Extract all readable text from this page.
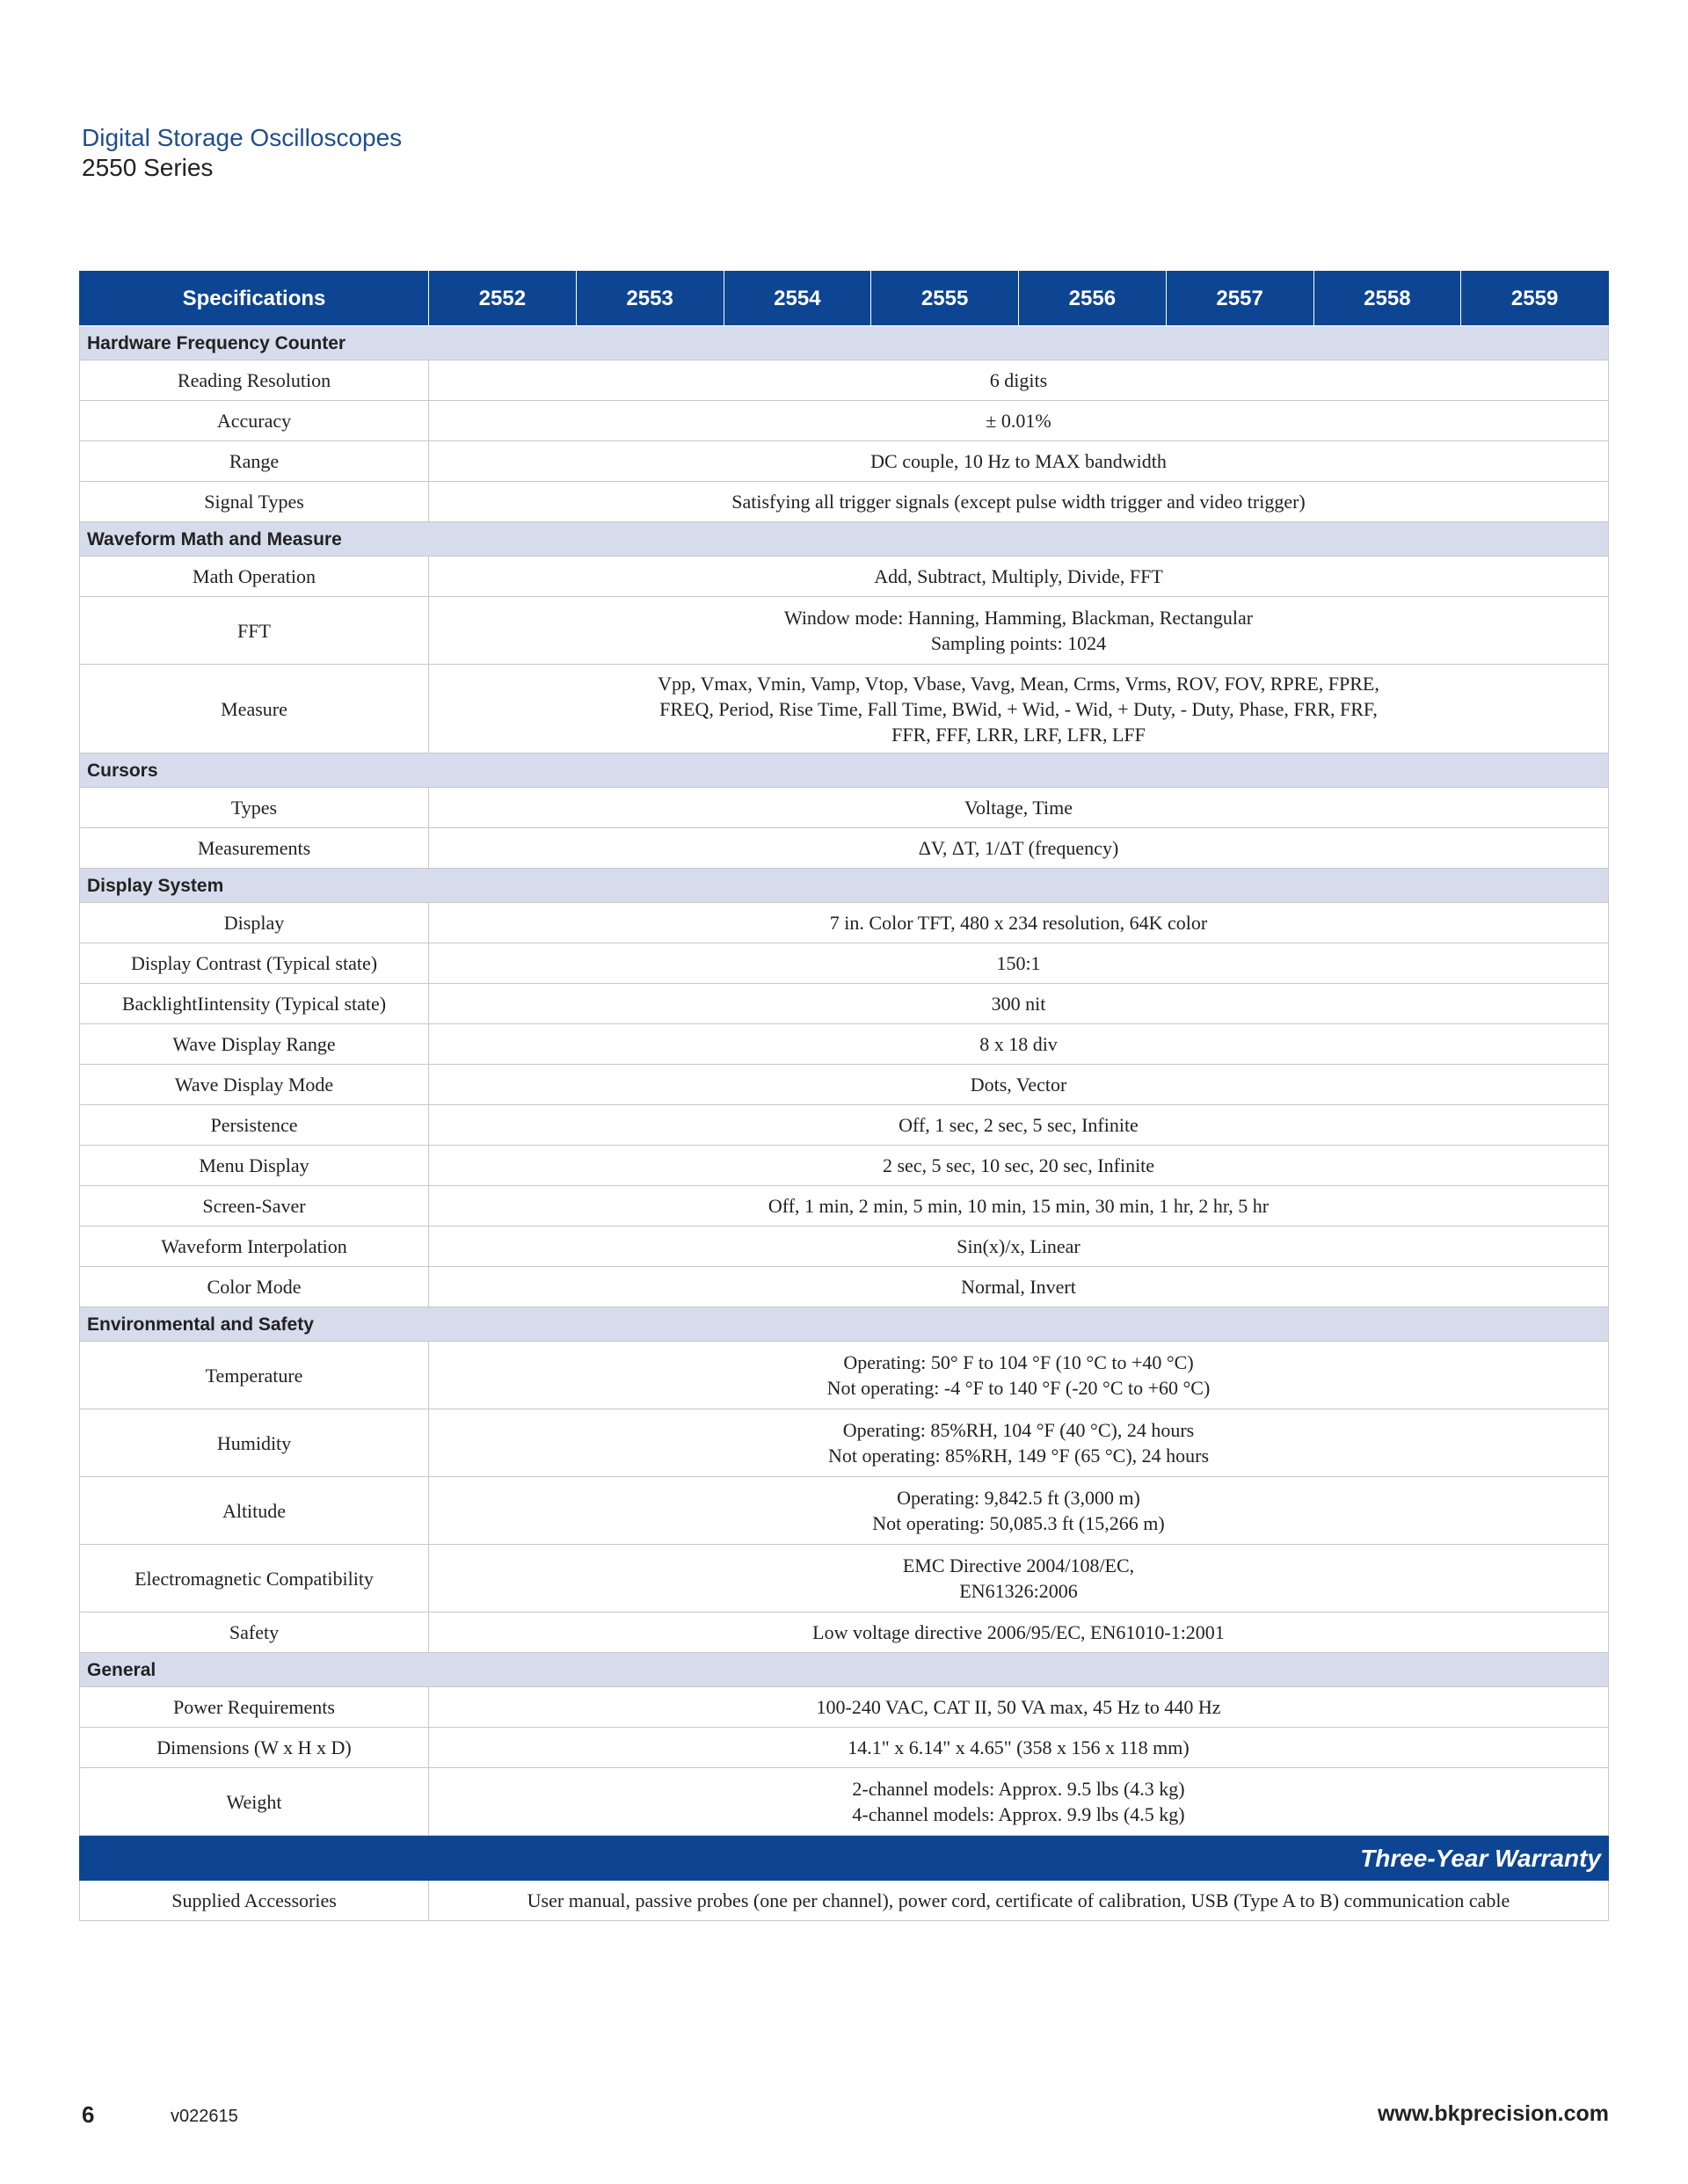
Digital Storage Oscilloscopes
2550 Series
Specifications	2552	2553	2554	2555	2556	2557	2558	2559
Hardware Frequency Counter								
Reading Resolution	6 digits							
Accuracy	± 0.01%							
Range	DC couple, 10 Hz to MAX bandwidth							
Signal Types	Satisfying all trigger signals (except pulse width trigger and video trigger)							
Waveform Math and Measure								
Math Operation	Add, Subtract, Multiply, Divide, FFT							
FFT	Window mode: Hanning, Hamming, Blackman, Rectangular
Sampling points: 1024							
Measure	Vpp, Vmax, Vmin, Vamp, Vtop, Vbase, Vavg, Mean, Crms, Vrms, ROV, FOV, RPRE, FPRE,
FREQ, Period, Rise Time, Fall Time, BWid, + Wid, - Wid, + Duty, - Duty, Phase, FRR, FRF,
FFR, FFF, LRR, LRF, LFR, LFF							
Cursors								
Types	Voltage, Time							
Measurements	ΔV, ΔT, 1/ΔT (frequency)							
Display System								
Display	7 in. Color TFT, 480 x 234 resolution, 64K color							
Display Contrast (Typical state)	150:1							
BacklightIintensity (Typical state)	300 nit							
Wave Display Range	8 x 18 div							
Wave Display Mode	Dots, Vector							
Persistence	Off, 1 sec, 2 sec, 5 sec, Infinite							
Menu Display	2 sec, 5 sec, 10 sec, 20 sec, Infinite							
Screen-Saver	Off, 1 min, 2 min, 5 min, 10 min, 15 min, 30 min, 1 hr, 2 hr, 5 hr							
Waveform Interpolation	Sin(x)/x, Linear							
Color Mode	Normal, Invert							
Environmental and Safety								
Temperature	Operating: 50° F to 104 °F (10 °C to +40 °C)
Not operating: -4 °F to 140 °F (-20 °C to +60 °C)							
Humidity	Operating: 85%RH, 104 °F (40 °C), 24 hours
Not operating: 85%RH, 149 °F (65 °C), 24 hours							
Altitude	Operating: 9,842.5 ft (3,000 m)
Not operating: 50,085.3 ft (15,266 m)							
Electromagnetic Compatibility	EMC Directive 2004/108/EC,
EN61326:2006							
Safety	Low voltage directive 2006/95/EC, EN61010-1:2001							
General								
Power Requirements	100-240 VAC, CAT II, 50 VA max, 45 Hz to 440 Hz							
Dimensions (W x H x D)	14.1" x 6.14" x 4.65" (358 x 156 x 118 mm)							
Weight	2-channel models: Approx. 9.5 lbs (4.3 kg)
4-channel models: Approx. 9.9 lbs (4.5 kg)							
Three-Year Warranty								
Supplied Accessories	User manual, passive probes (one per channel), power cord, certificate of calibration, USB (Type A to B) communication cable							
6	v022615	www.bkprecision.com
